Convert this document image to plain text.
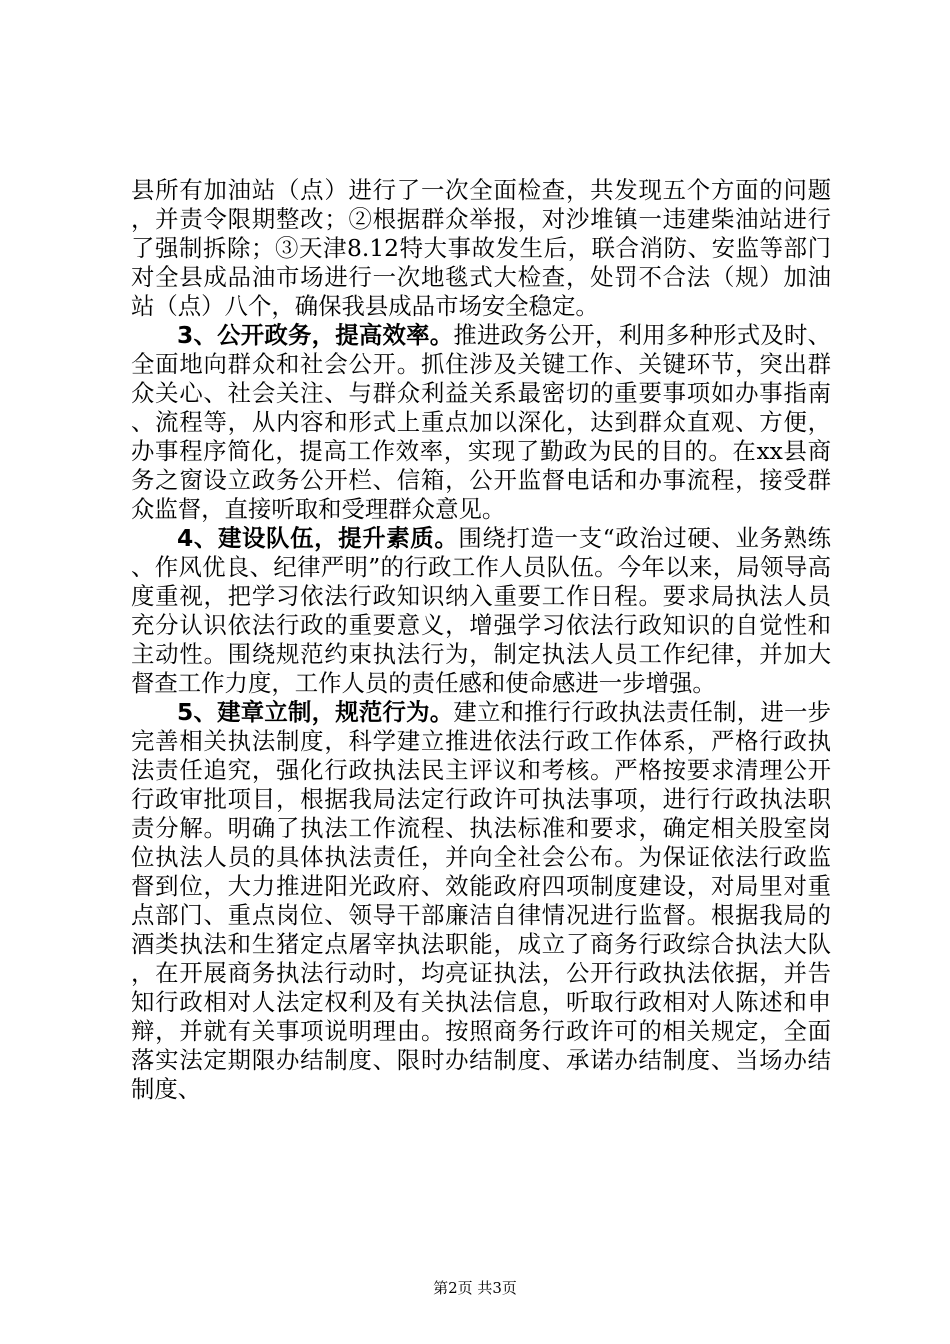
县所有加油站（点）进行了一次全面检查，共发现五个方面的问题，并责令限期整改；②根据群众举报，对沙堆镇一违建柴油站进行了强制拆除；③天津8.12特大事故发生后，联合消防、安监等部门对全县成品油市场进行一次地毯式大检查，处罚不合法（规）加油站（点）八个，确保我县成品市场安全稳定。

3、公开政务，提高效率。推进政务公开，利用多种形式及时、全面地向群众和社会公开。抓住涉及关键工作、关键环节，突出群众关心、社会关注、与群众利益关系最密切的重要事项如办事指南、流程等，从内容和形式上重点加以深化，达到群众直观、方便，办事程序简化，提高工作效率，实现了勤政为民的目的。在xx县商务之窗设立政务公开栏、信箱，公开监督电话和办事流程，接受群众监督，直接听取和受理群众意见。

4、建设队伍，提升素质。围绕打造一支“政治过硬、业务熟练、作风优良、纪律严明”的行政工作人员队伍。今年以来，局领导高度重视，把学习依法行政知识纳入重要工作日程。要求局执法人员充分认识依法行政的重要意义，增强学习依法行政知识的自觉性和主动性。围绕规范约束执法行为，制定执法人员工作纪律，并加大督查工作力度，工作人员的责任感和使命感进一步增强。

5、建章立制，规范行为。建立和推行行政执法责任制，进一步完善相关执法制度，科学建立推进依法行政工作体系，严格行政执法责任追究，强化行政执法民主评议和考核。严格按要求清理公开行政审批项目，根据我局法定行政许可执法事项，进行行政执法职责分解。明确了执法工作流程、执法标准和要求，确定相关股室岗位执法人员的具体执法责任，并向全社会公布。为保证依法行政监督到位，大力推进阳光政府、效能政府四项制度建设，对局里对重点部门、重点岗位、领导干部廉洁自律情况进行监督。根据我局的酒类执法和生猪定点屠宰执法职能，成立了商务行政综合执法大队，在开展商务执法行动时，均亮证执法，公开行政执法依据，并告知行政相对人法定权利及有关执法信息，听取行政相对人陈述和申辩，并就有关事项说明理由。按照商务行政许可的相关规定，全面落实法定期限办结制度、限时办结制度、承诺办结制度、当场办结制度、

第2页 共3页
